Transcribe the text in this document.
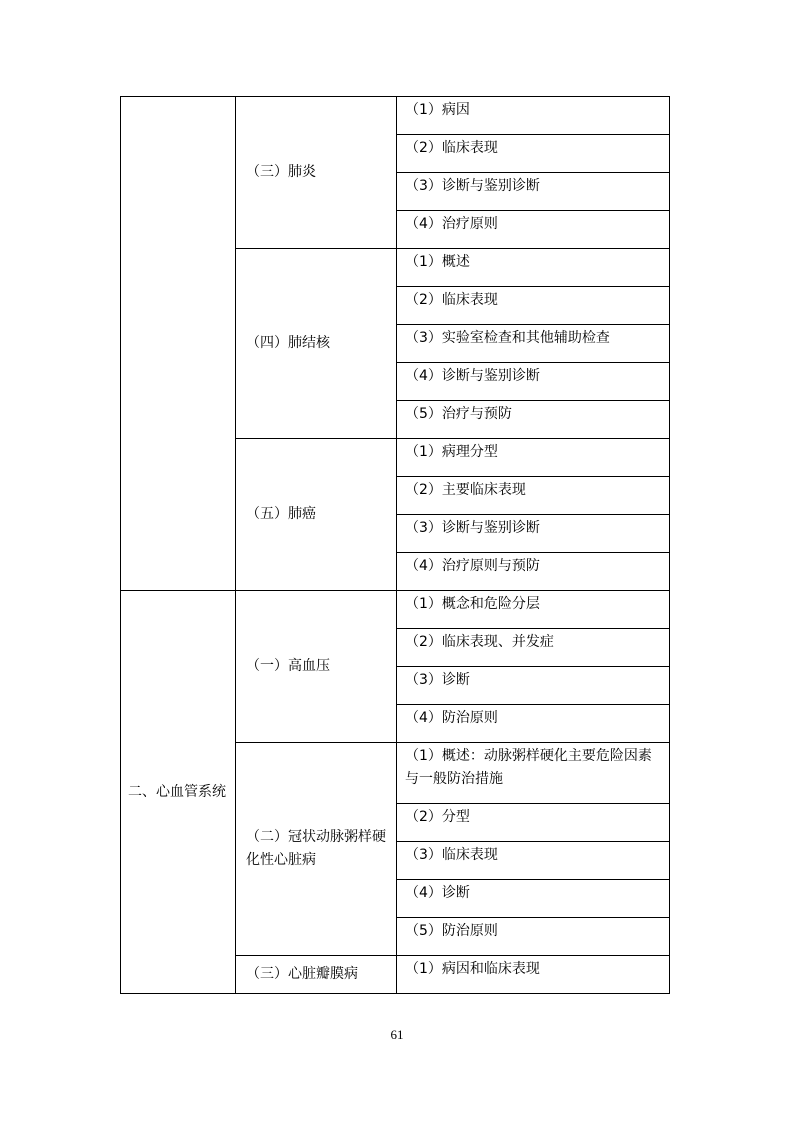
	（三）肺炎	（1）病因
		（2）临床表现
		（3）诊断与鉴别诊断
		（4）治疗原则
	（四）肺结核	（1）概述
		（2）临床表现
		（3）实验室检查和其他辅助检查
		（4）诊断与鉴别诊断
		（5）治疗与预防
	（五）肺癌	（1）病理分型
		（2）主要临床表现
		（3）诊断与鉴别诊断
		（4）治疗原则与预防
二、心血管系统	（一）高血压	（1）概念和危险分层
		（2）临床表现、并发症
		（3）诊断
		（4）防治原则
	（二）冠状动脉粥样硬化性心脏病	（1）概述：动脉粥样硬化主要危险因素与一般防治措施
		（2）分型
		（3）临床表现
		（4）诊断
		（5）防治原则
	（三）心脏瓣膜病	（1）病因和临床表现
61
